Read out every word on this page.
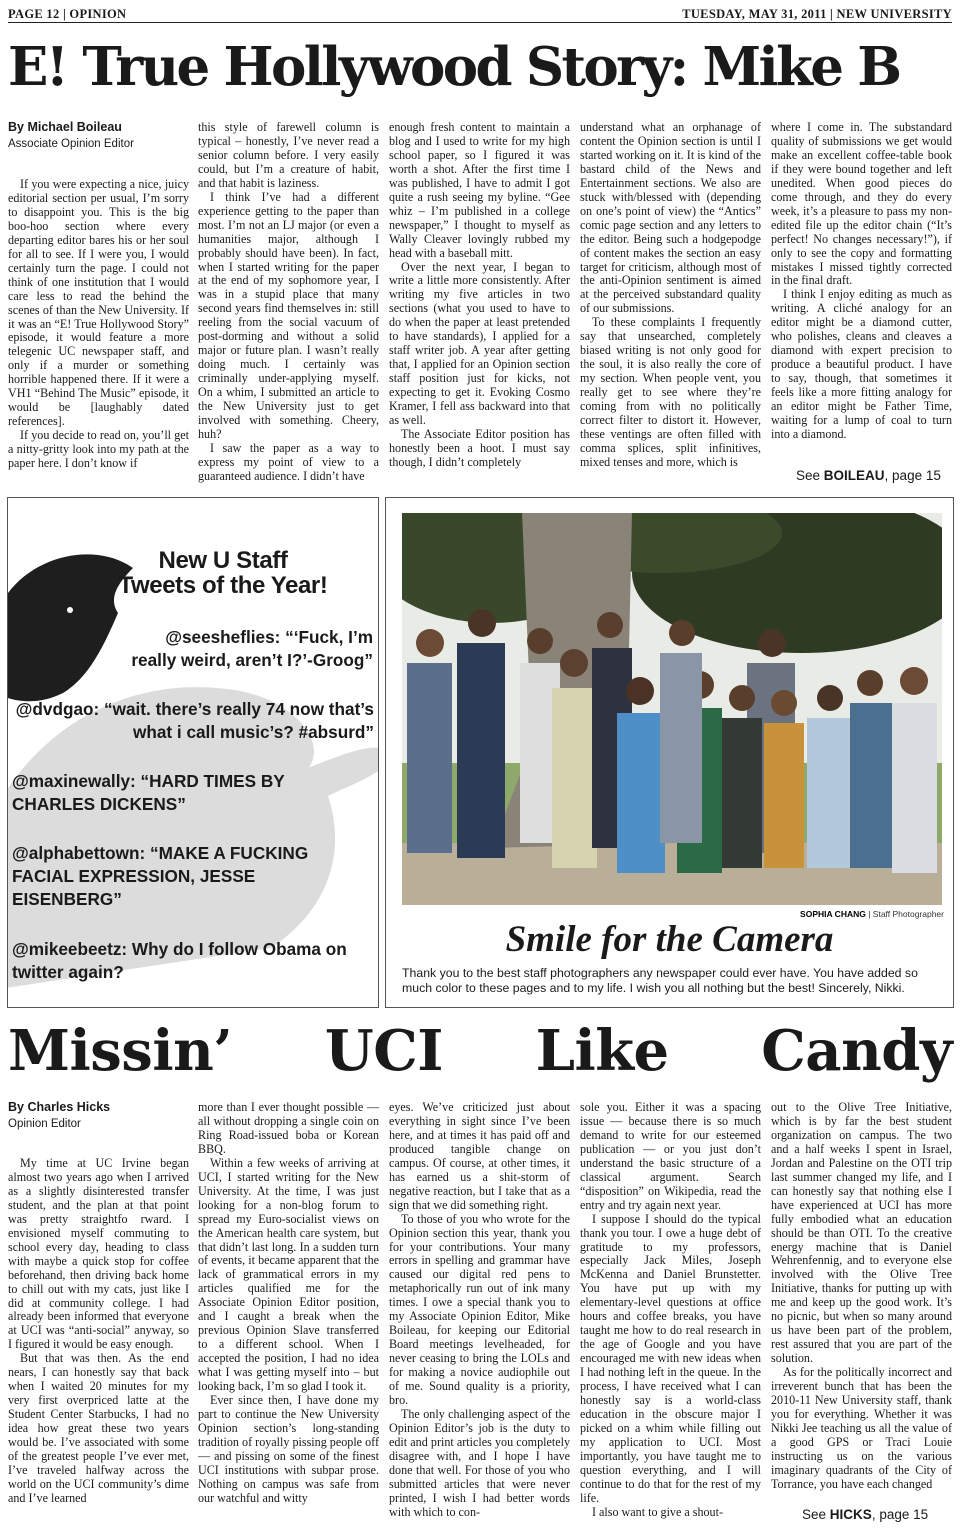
PAGE 12 | OPINION	TUESDAY, MAY 31, 2011 | NEW UNIVERSITY
E! True Hollywood Story: Mike B
By Michael Boileau
Associate Opinion Editor

If you were expecting a nice, juicy editorial section per usual, I’m sorry to disappoint you. This is the big boo-hoo section where every departing editor bares his or her soul for all to see. If I were you, I would certainly turn the page. I could not think of one institution that I would care less to read the behind the scenes of than the New University. If it was an “E! True Hollywood Story” episode, it would feature a more telegenic UC newspaper staff, and only if a murder or something horrible happened there. If it were a VH1 “Behind The Music” episode, it would be [laughably dated references].

If you decide to read on, you’ll get a nitty-gritty look into my path at the paper here. I don’t know if

this style of farewell column is typical – honestly, I’ve never read a senior column before. I very easily could, but I’m a creature of habit, and that habit is laziness.

I think I’ve had a different experience getting to the paper than most. I’m not an LJ major (or even a humanities major, although I probably should have been). In fact, when I started writing for the paper at the end of my sophomore year, I was in a stupid place that many second years find themselves in: still reeling from the social vacuum of post-dorming and without a solid major or future plan. I wasn’t really doing much. I certainly was criminally under-applying myself. On a whim, I submitted an article to the New University just to get involved with something. Cheery, huh?

I saw the paper as a way to express my point of view to a guaranteed audience. I didn’t have

enough fresh content to maintain a blog and I used to write for my high school paper, so I figured it was worth a shot. After the first time I was published, I have to admit I got quite a rush seeing my byline. “Gee whiz – I’m published in a college newspaper,” I thought to myself as Wally Cleaver lovingly rubbed my head with a baseball mitt.

Over the next year, I began to write a little more consistently. After writing my five articles in two sections (what you used to have to do when the paper at least pretended to have standards), I applied for a staff writer job. A year after getting that, I applied for an Opinion section staff position just for kicks, not expecting to get it. Evoking Cosmo Kramer, I fell ass backward into that as well.

The Associate Editor position has honestly been a hoot. I must say though, I didn’t completely

understand what an orphanage of content the Opinion section is until I started working on it. It is kind of the bastard child of the News and Entertainment sections. We also are stuck with/blessed with (depending on one’s point of view) the “Antics” comic page section and any letters to the editor. Being such a hodgepodge of content makes the section an easy target for criticism, although most of the anti-Opinion sentiment is aimed at the perceived substandard quality of our submissions.

To these complaints I frequently say that unsearched, completely biased writing is not only good for the soul, it is also really the core of my section. When people vent, you really get to see where they’re coming from with no politically correct filter to distort it. However, these ventings are often filled with comma splices, split infinitives, mixed tenses and more, which is

where I come in. The substandard quality of submissions we get would make an excellent coffee-table book if they were bound together and left unedited. When good pieces do come through, and they do every week, it’s a pleasure to pass my non-edited file up the editor chain (“It’s perfect! No changes necessary!”), if only to see the copy and formatting mistakes I missed tightly corrected in the final draft.

I think I enjoy editing as much as writing. A cliché analogy for an editor might be a diamond cutter, who polishes, cleans and cleaves a diamond with expert precision to produce a beautiful product. I have to say, though, that sometimes it feels like a more fitting analogy for an editor might be Father Time, waiting for a lump of coal to turn into a diamond.

See BOILEAU, page 15
New U Staff
Tweets of the Year!
@seesheflies: “‘Fuck, I’m really weird, aren’t I?’-Groog”
@dvdgao: “wait. there’s really 74 now that’s what i call music’s? #absurd”
@maxinewally: “HARD TIMES BY CHARLES DICKENS”
@alphabettown: “MAKE A FUCKING FACIAL EXPRESSION, JESSE EISENBERG”
@mikeebeetz: Why do I follow Obama on twitter again?
SOPHIA CHANG | Staff Photographer
Smile for the Camera
Thank you to the best staff photographers any newspaper could ever have. You have added so much color to these pages and to my life. I wish you all nothing but the best! Sincerely, Nikki.
Missin’ UCI Like Candy
By Charles Hicks
Opinion Editor

My time at UC Irvine began almost two years ago when I arrived as a slightly disinterested transfer student, and the plan at that point was pretty straightfo rward. I envisioned myself commuting to school every day, heading to class with maybe a quick stop for coffee beforehand, then driving back home to chill out with my cats, just like I did at community college. I had already been informed that everyone at UCI was “anti-social” anyway, so I figured it would be easy enough.

But that was then. As the end nears, I can honestly say that back when I waited 20 minutes for my very first overpriced latte at the Student Center Starbucks, I had no idea how great these two years would be. I’ve associated with some of the greatest people I’ve ever met, I’ve traveled halfway across the world on the UCI community’s dime and I’ve learned

more than I ever thought possible — all without dropping a single coin on Ring Road-issued boba or Korean BBQ.

Within a few weeks of arriving at UCI, I started writing for the New University. At the time, I was just looking for a non-blog forum to spread my Euro-socialist views on the American health care system, but that didn’t last long. In a sudden turn of events, it became apparent that the lack of grammatical errors in my articles qualified me for the Associate Opinion Editor position, and I caught a break when the previous Opinion Slave transferred to a different school. When I accepted the position, I had no idea what I was getting myself into – but looking back, I’m so glad I took it.

Ever since then, I have done my part to continue the New University Opinion section’s long-standing tradition of royally pissing people off — and pissing on some of the finest UCI institutions with subpar prose. Nothing on campus was safe from our watchful and witty

eyes. We’ve criticized just about everything in sight since I’ve been here, and at times it has paid off and produced tangible change on campus. Of course, at other times, it has earned us a shit-storm of negative reaction, but I take that as a sign that we did something right.

To those of you who wrote for the Opinion section this year, thank you for your contributions. Your many errors in spelling and grammar have caused our digital red pens to metaphorically run out of ink many times. I owe a special thank you to my Associate Opinion Editor, Mike Boileau, for keeping our Editorial Board meetings levelheaded, for never ceasing to bring the LOLs and for making a novice audiophile out of me. Sound quality is a priority, bro.

The only challenging aspect of the Opinion Editor’s job is the duty to edit and print articles you completely disagree with, and I hope I have done that well. For those of you who submitted articles that were never printed, I wish I had better words with which to con-

sole you. Either it was a spacing issue — because there is so much demand to write for our esteemed publication — or you just don’t understand the basic structure of a classical argument. Search “disposition” on Wikipedia, read the entry and try again next year.

I suppose I should do the typical thank you tour. I owe a huge debt of gratitude to my professors, especially Jack Miles, Joseph McKenna and Daniel Brunstetter. You have put up with my elementary-level questions at office hours and coffee breaks, you have taught me how to do real research in the age of Google and you have encouraged me with new ideas when I had nothing left in the queue. In the process, I have received what I can honestly say is a world-class education in the obscure major I picked on a whim while filling out my application to UCI. Most importantly, you have taught me to question everything, and I will continue to do that for the rest of my life.

I also want to give a shout-

out to the Olive Tree Initiative, which is by far the best student organization on campus. The two and a half weeks I spent in Israel, Jordan and Palestine on the OTI trip last summer changed my life, and I can honestly say that nothing else I have experienced at UCI has more fully embodied what an education should be than OTI. To the creative energy machine that is Daniel Wehrenfennig, and to everyone else involved with the Olive Tree Initiative, thanks for putting up with me and keep up the good work. It’s no picnic, but when so many around us have been part of the problem, rest assured that you are part of the solution.

As for the politically incorrect and irreverent bunch that has been the 2010-11 New University staff, thank you for everything. Whether it was Nikki Jee teaching us all the value of a good GPS or Traci Louie instructing us on the various imaginary quadrants of the City of Torrance, you have each changed

See HICKS, page 15
